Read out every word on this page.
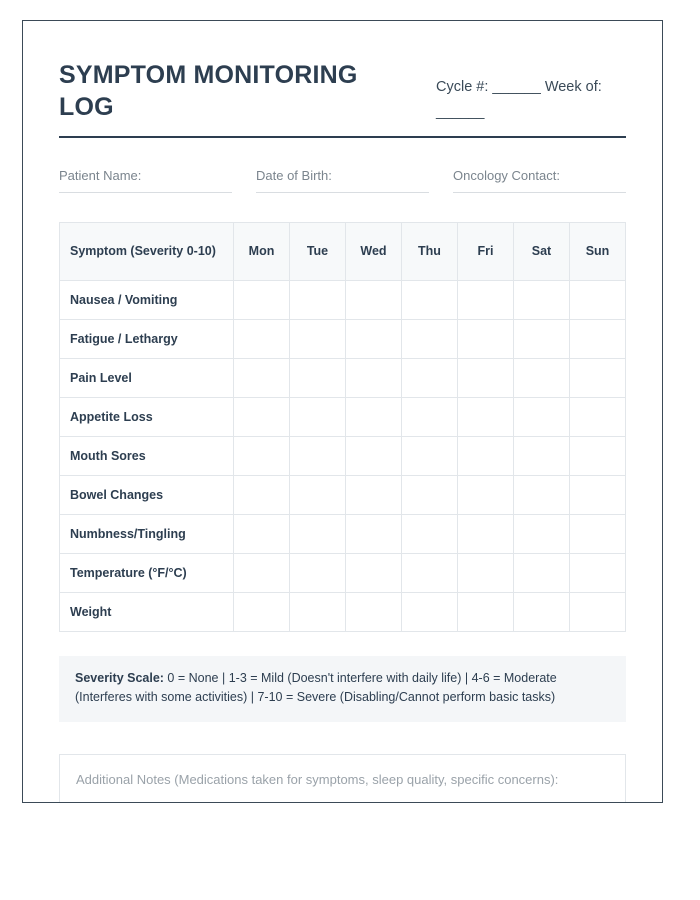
SYMPTOM MONITORING LOG
Cycle #: ______ Week of: ______
Patient Name:	Date of Birth:	Oncology Contact:
Symptom (Severity 0-10)	Mon	Tue	Wed	Thu	Fri	Sat	Sun
Nausea / Vomiting							
Fatigue / Lethargy							
Pain Level							
Appetite Loss							
Mouth Sores							
Bowel Changes							
Numbness/Tingling							
Temperature (°F/°C)							
Weight							
Severity Scale: 0 = None | 1-3 = Mild (Doesn't interfere with daily life) | 4-6 = Moderate (Interferes with some activities) | 7-10 = Severe (Disabling/Cannot perform basic tasks)
Additional Notes (Medications taken for symptoms, sleep quality, specific concerns):
